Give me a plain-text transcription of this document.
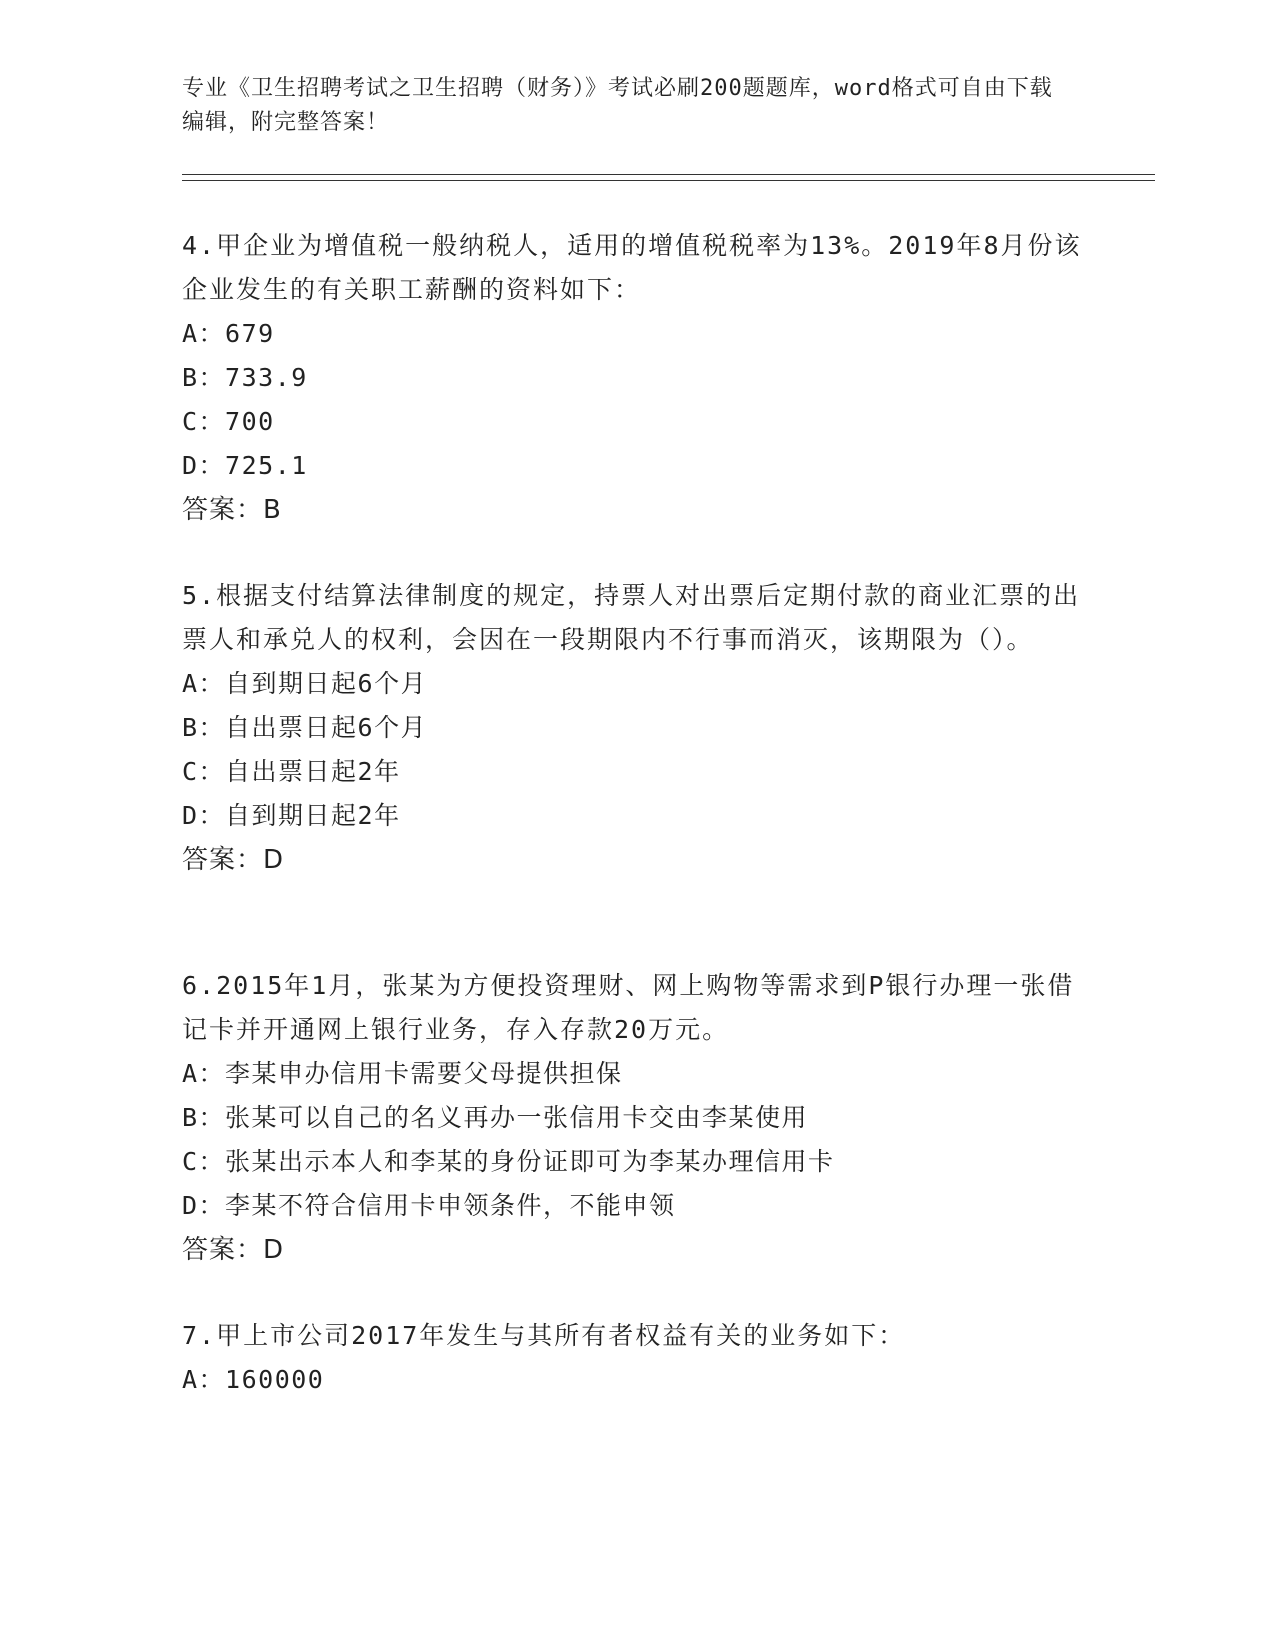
专业《卫生招聘考试之卫生招聘（财务）》考试必刷200题题库，word格式可自由下载编辑，附完整答案！

4.甲企业为增值税一般纳税人，适用的增值税税率为13%。2019年8月份该企业发生的有关职工薪酬的资料如下：

A：679

B：733.9

C：700

D：725.1

答案：B

5.根据支付结算法律制度的规定，持票人对出票后定期付款的商业汇票的出票人和承兑人的权利，会因在一段期限内不行事而消灭，该期限为（）。

A：自到期日起6个月

B：自出票日起6个月

C：自出票日起2年

D：自到期日起2年

答案：D

6.2015年1月，张某为方便投资理财、网上购物等需求到P银行办理一张借记卡并开通网上银行业务，存入存款20万元。

A：李某申办信用卡需要父母提供担保

B：张某可以自己的名义再办一张信用卡交由李某使用

C：张某出示本人和李某的身份证即可为李某办理信用卡

D：李某不符合信用卡申领条件，不能申领

答案：D

7.甲上市公司2017年发生与其所有者权益有关的业务如下：

A：160000
